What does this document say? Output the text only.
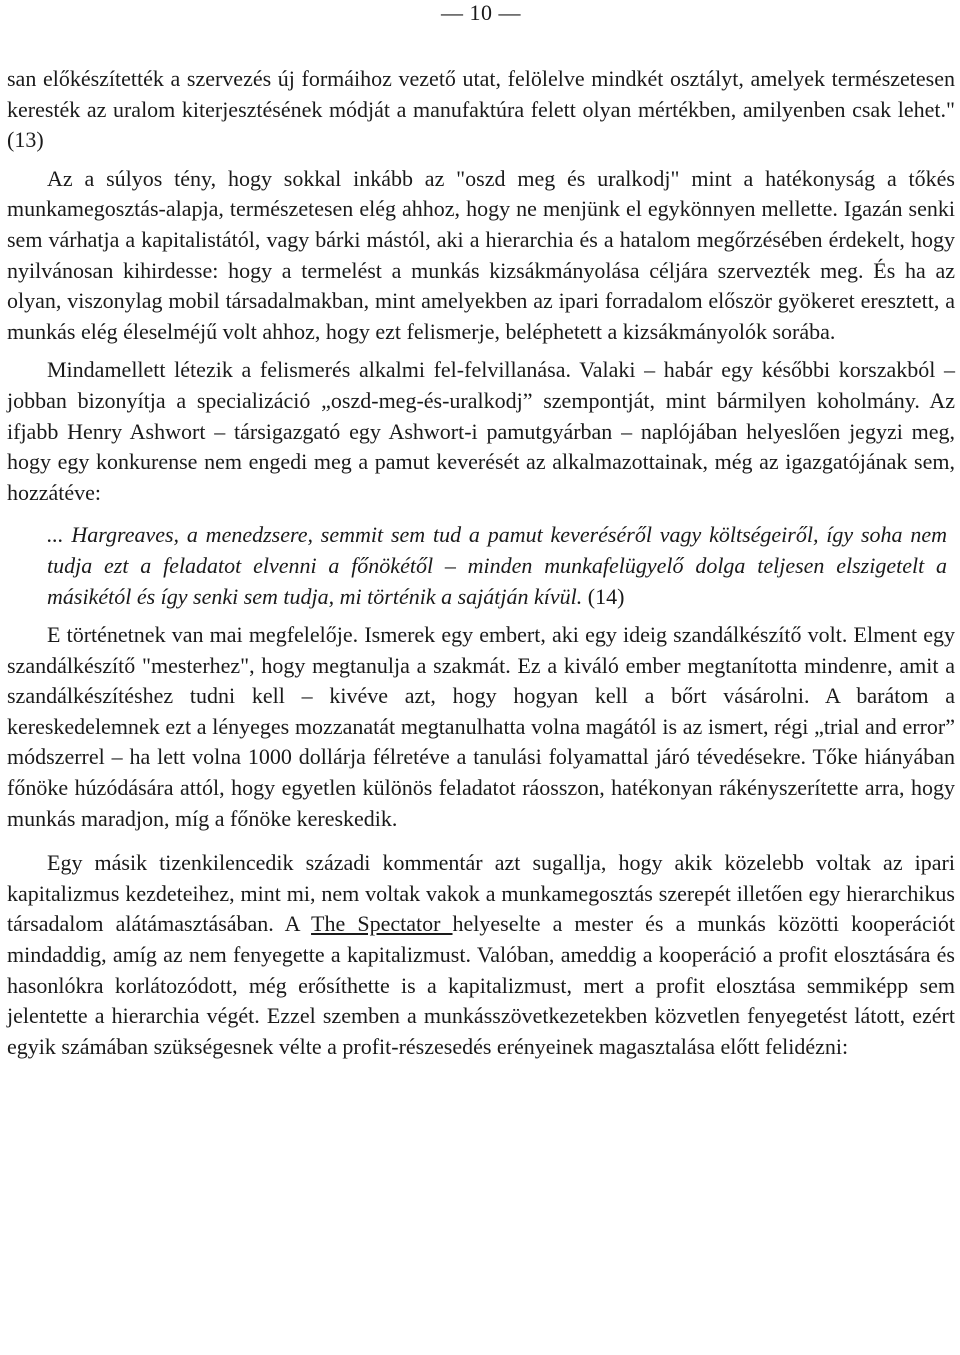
— 10 —

san előkészítették a szervezés új formáihoz vezető utat, felölelve mindkét osztályt, amelyek természetesen keresték az uralom kiterjesztésének módját a manufaktúra felett olyan mértékben, amilyenben csak lehet." (13)

Az a súlyos tény, hogy sokkal inkább az "oszd meg és uralkodj" mint a hatékonyság a tőkés munkamegosztás-alapja, természetesen elég ahhoz, hogy ne menjünk el egykönnyen mellette. Igazán senki sem várhatja a kapitalistától, vagy bárki mástól, aki a hierarchia és a hatalom megőrzésében érdekelt, hogy nyilvánosan kihirdesse: hogy a termelést a munkás kizsákmányolása céljára szervezték meg. És ha az olyan, viszonylag mobil társadalmakban, mint amelyekben az ipari forradalom először gyökeret eresztett, a munkás elég éleselméjű volt ahhoz, hogy ezt felismerje, beléphetett a kizsákmányolók sorába.

Mindamellett létezik a felismerés alkalmi fel-felvillanása. Valaki – habár egy későbbi korszakból – jobban bizonyítja a specializáció „oszd-meg-és-uralkodj” szempontját, mint bármilyen koholmány. Az ifjabb Henry Ashwort – társigazgató egy Ashwort-i pamutgyárban – naplójában helyeslően jegyzi meg, hogy egy konkurense nem engedi meg a pamut keverését az alkalmazottainak, még az igazgatójának sem, hozzátéve:

... Hargreaves, a menedzsere, semmit sem tud a pamut keveréséről vagy költségeiről, így soha nem tudja ezt a feladatot elvenni a főnökétől – minden munkafelügyelő dolga teljesen elszigetelt a másikétól és így senki sem tudja, mi történik a sajátján kívül. (14)

E történetnek van mai megfelelője. Ismerek egy embert, aki egy ideig szandálkészítő volt. Elment egy szandálkészítő "mesterhez", hogy megtanulja a szakmát. Ez a kiváló ember megtanította mindenre, amit a szandálkészítéshez tudni kell – kivéve azt, hogy hogyan kell a bőrt vásárolni. A barátom a kereskedelemnek ezt a lényeges mozzanatát megtanulhatta volna magától is az ismert, régi „trial and error” módszerrel – ha lett volna 1000 dollárja félretéve a tanulási folyamattal járó tévedésekre. Tőke hiányában főnöke húzódására attól, hogy egyetlen különös feladatot ráosszon, hatékonyan rákényszerítette arra, hogy munkás maradjon, míg a főnöke kereskedik.

Egy másik tizenkilencedik századi kommentár azt sugallja, hogy akik közelebb voltak az ipari kapitalizmus kezdeteihez, mint mi, nem voltak vakok a munkamegosztás szerepét illetően egy hierarchikus társadalom alátámasztásában. A The Spectator helyeselte a mester és a munkás közötti kooperációt mindaddig, amíg az nem fenyegette a kapitalizmust. Valóban, ameddig a kooperáció a profit elosztására és hasonlókra korlátozódott, még erősíthette is a kapitalizmust, mert a profit elosztása semmiképp sem jelentette a hierarchia végét. Ezzel szemben a munkásszövetkezetekben közvetlen fenyegetést látott, ezért egyik számában szükségesnek vélte a profit-részesedés erényeinek magasztalása előtt felidézni:
